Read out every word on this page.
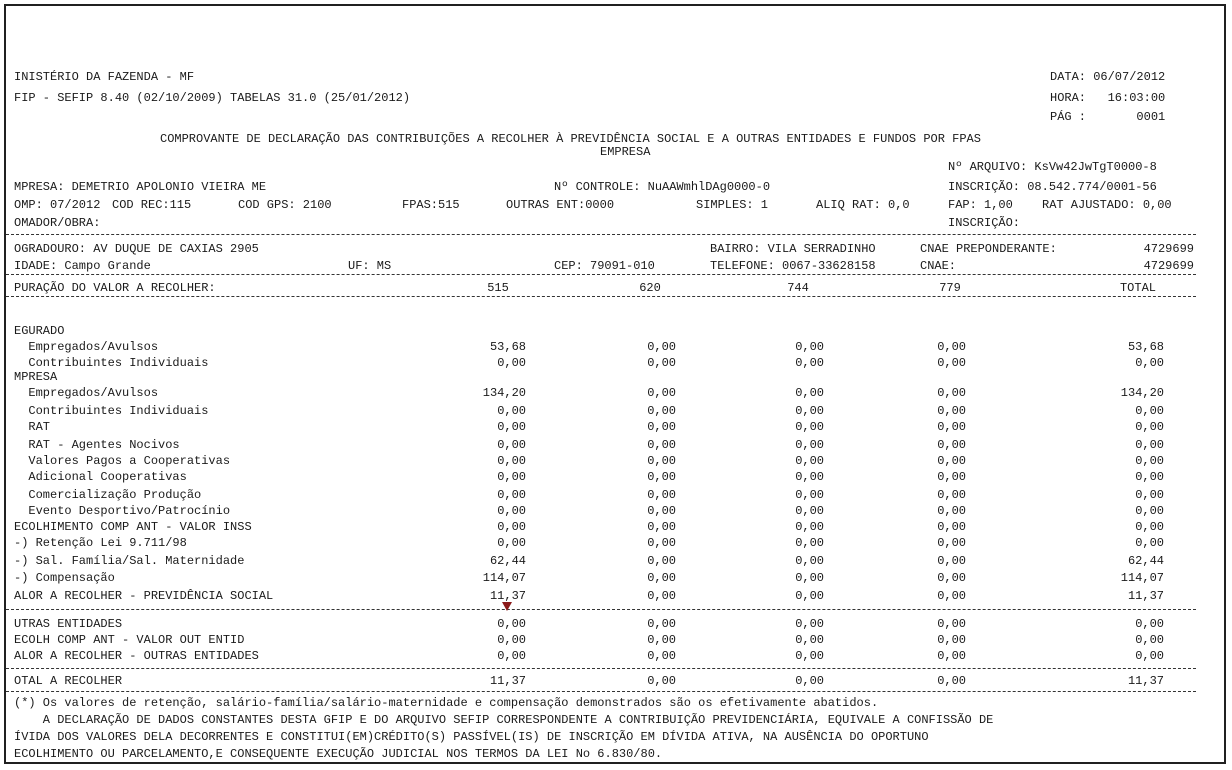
INISTÉRIO DA FAZENDA - MF
FIP - SEFIP 8.40 (02/10/2009) TABELAS 31.0 (25/01/2012)
DATA: 06/07/2012
HORA:   16:03:00
PÁG :       0001
COMPROVANTE DE DECLARAÇÃO DAS CONTRIBUIÇÕES A RECOLHER À PREVIDÊNCIA SOCIAL E A OUTRAS ENTIDADES E FUNDOS POR FPAS
EMPRESA
Nº ARQUIVO: KsVw42JwTgT0000-8
MPRESA: DEMETRIO APOLONIO VIEIRA ME	Nº CONTROLE: NuAAWmhlDAg0000-0	INSCRIÇÃO: 08.542.774/0001-56
OMP: 07/2012 COD REC:115	COD GPS: 2100	FPAS:515	OUTRAS ENT:0000	SIMPLES: 1	ALIQ RAT: 0,0	FAP: 1,00 RAT AJUSTADO: 0,00
OMADOR/OBRA:	INSCRIÇÃO:
OGRADOURO: AV DUQUE DE CAXIAS 2905	BAIRRO: VILA SERRADINHO	CNAE PREPONDERANTE:	4729699
IDADE: Campo Grande	UF: MS	CEP: 79091-010	TELEFONE: 0067-33628158	CNAE:	4729699
PURAÇÃO DO VALOR A RECOLHER:	515	620	744	779	TOTAL
EGURADO
Empregados/Avulsos	53,68	0,00	0,00	0,00	53,68
Contribuintes Individuais	0,00	0,00	0,00	0,00	0,00
MPRESA
Empregados/Avulsos	134,20	0,00	0,00	0,00	134,20
Contribuintes Individuais	0,00	0,00	0,00	0,00	0,00
RAT	0,00	0,00	0,00	0,00	0,00
RAT - Agentes Nocivos	0,00	0,00	0,00	0,00	0,00
Valores Pagos a Cooperativas	0,00	0,00	0,00	0,00	0,00
Adicional Cooperativas	0,00	0,00	0,00	0,00	0,00
Comercialização Produção	0,00	0,00	0,00	0,00	0,00
Evento Desportivo/Patrocínio	0,00	0,00	0,00	0,00	0,00
ECOLHIMENTO COMP ANT - VALOR INSS	0,00	0,00	0,00	0,00	0,00
-) Retenção Lei 9.711/98	0,00	0,00	0,00	0,00	0,00
-) Sal. Família/Sal. Maternidade	62,44	0,00	0,00	0,00	62,44
-) Compensação	114,07	0,00	0,00	0,00	114,07
ALOR A RECOLHER - PREVIDÊNCIA SOCIAL	11,37	0,00	0,00	0,00	11,37
UTRAS ENTIDADES	0,00	0,00	0,00	0,00	0,00
ECOLH COMP ANT - VALOR OUT ENTID	0,00	0,00	0,00	0,00	0,00
ALOR A RECOLHER - OUTRAS ENTIDADES	0,00	0,00	0,00	0,00	0,00
OTAL A RECOLHER	11,37	0,00	0,00	0,00	11,37
(*) Os valores de retenção, salário-família/salário-maternidade e compensação demonstrados são os efetivamente abatidos.
A DECLARAÇÃO DE DADOS CONSTANTES DESTA GFIP E DO ARQUIVO SEFIP CORRESPONDENTE A CONTRIBUIÇÃO PREVIDENCIÁRIA, EQUIVALE A CONFISSÃO DE
ÍVIDA DOS VALORES DELA DECORRENTES E CONSTITUI(EM)CRÉDITO(S) PASSÍVEL(IS) DE INSCRIÇÃO EM DÍVIDA ATIVA, NA AUSÊNCIA DO OPORTUNO
ECOLHIMENTO OU PARCELAMENTO,E CONSEQUENTE EXECUÇÃO JUDICIAL NOS TERMOS DA LEI No 6.830/80.
